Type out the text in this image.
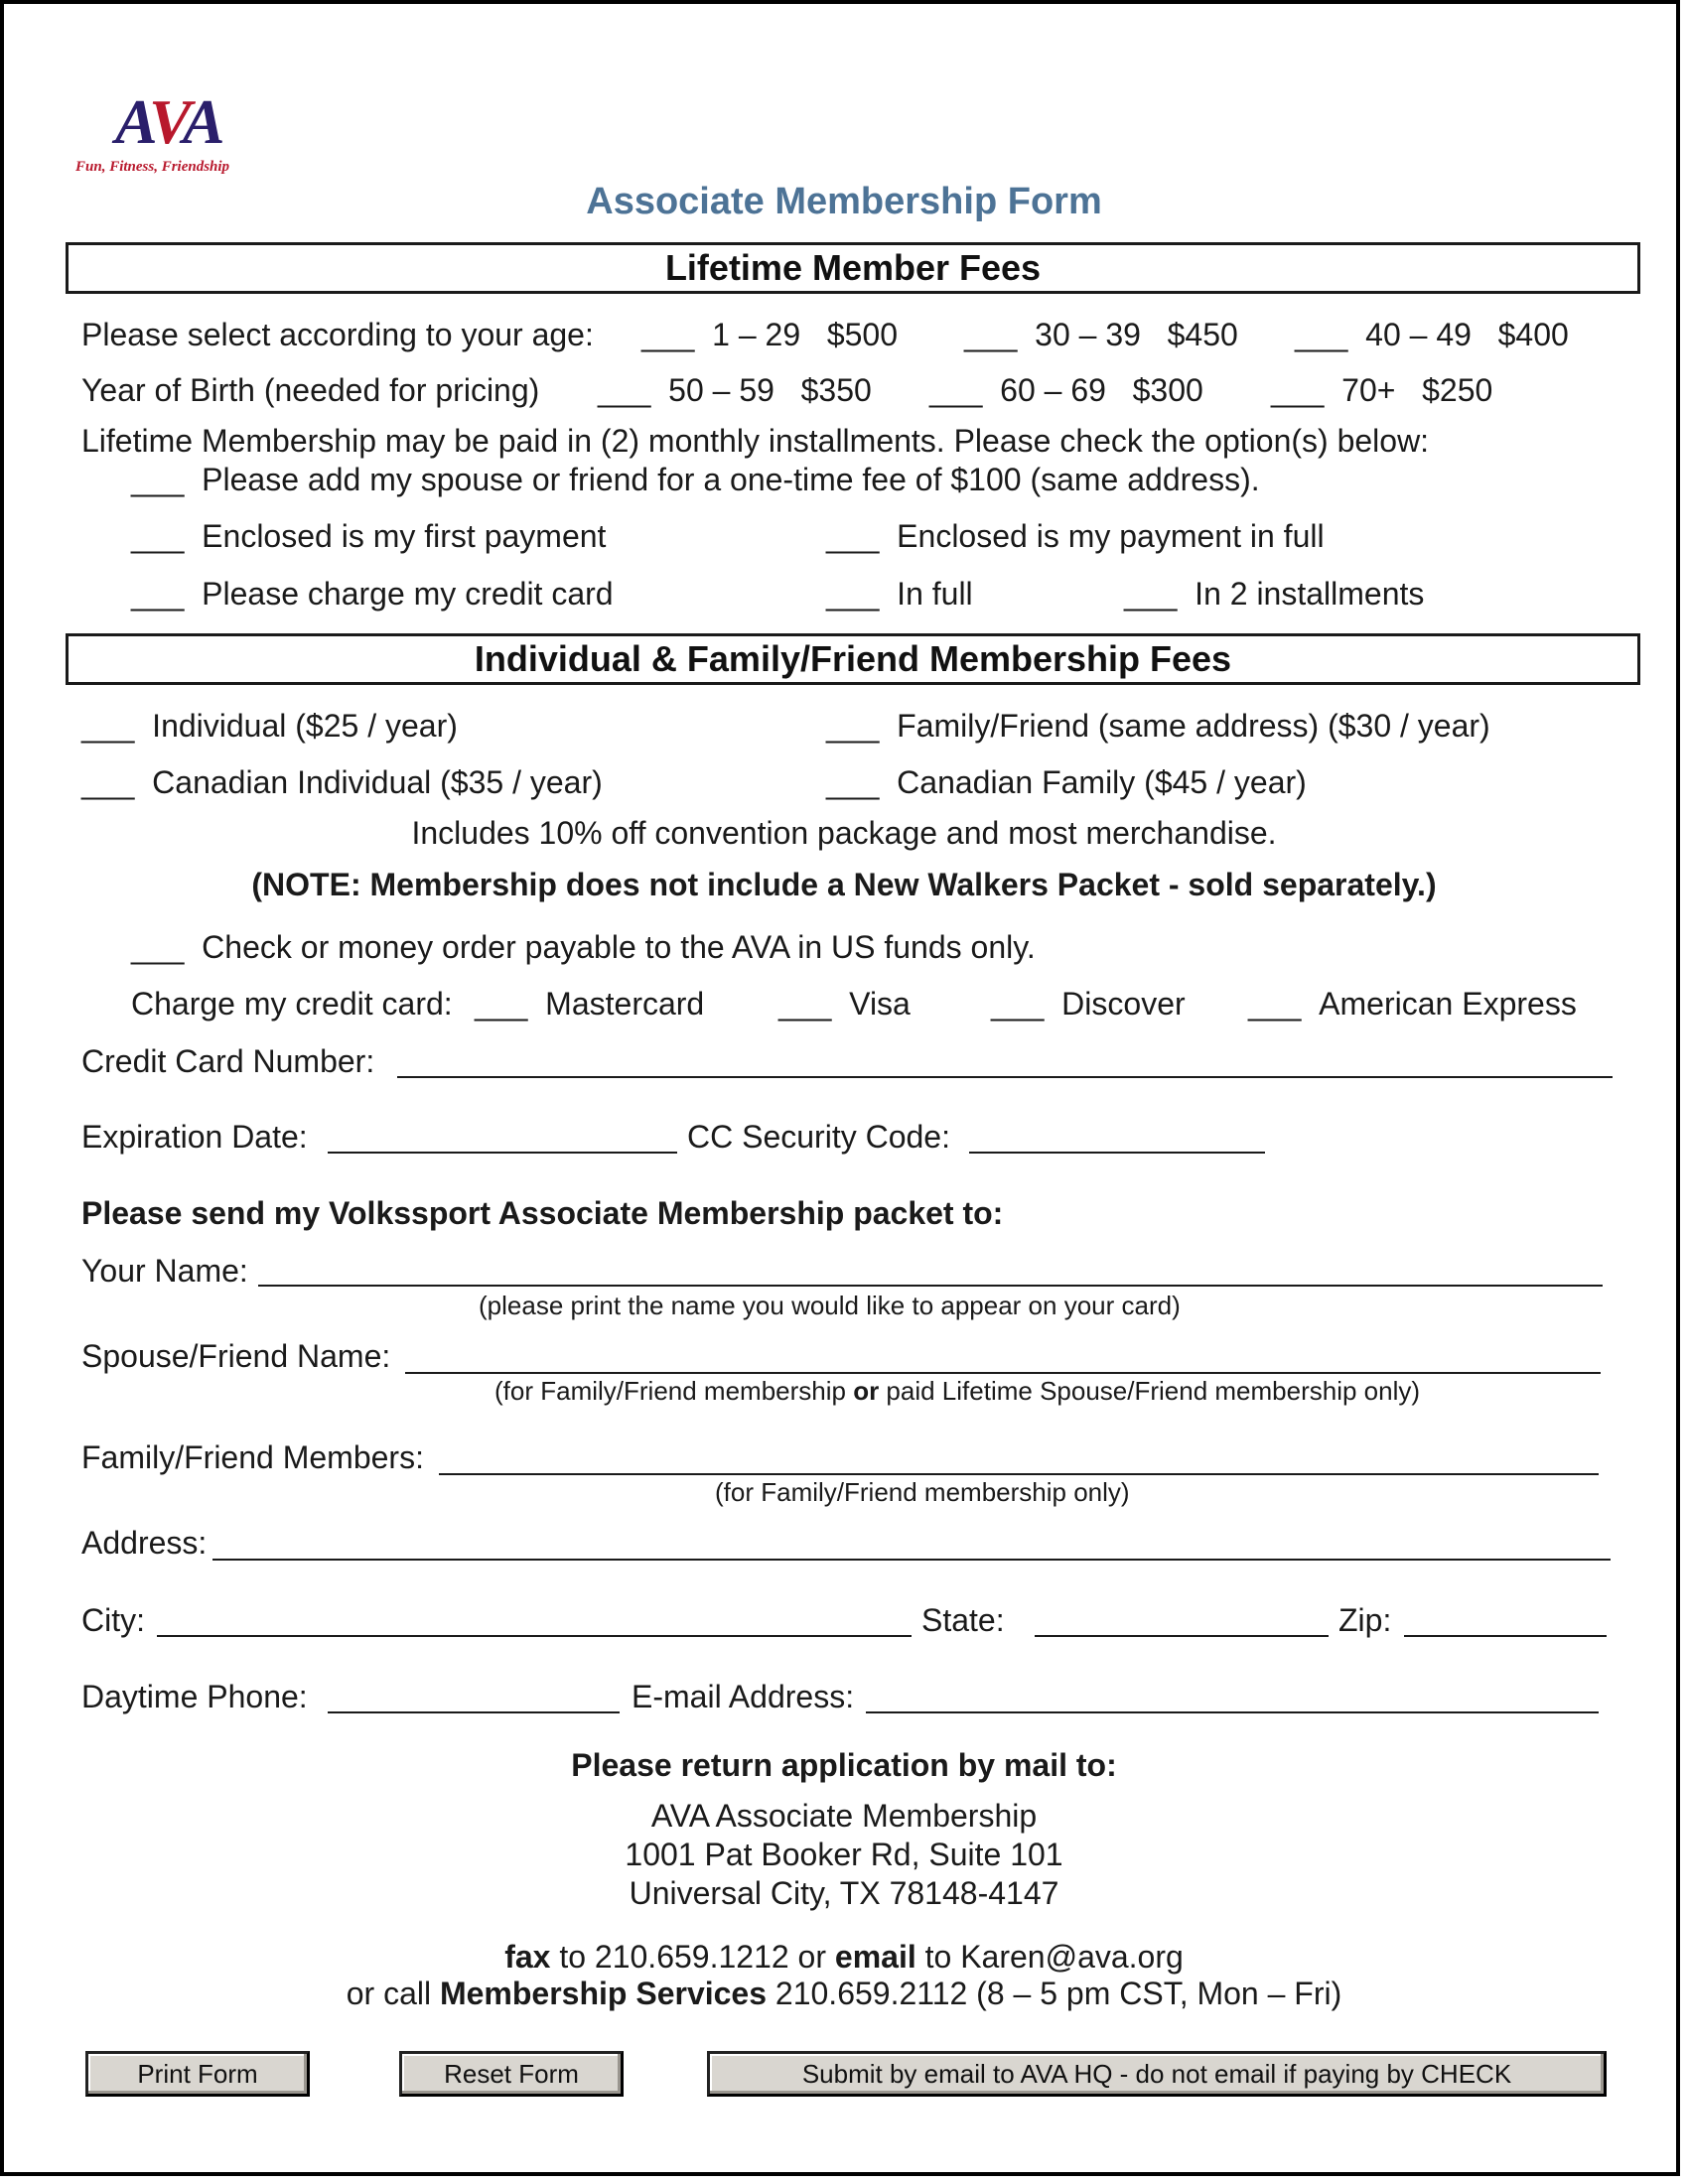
AVA
Fun, Fitness, Friendship
Associate Membership Form
Lifetime Member Fees
Please select according to your age: ___ 1 – 29 $500 ___ 30 – 39 $450 ___ 40 – 49 $400
Year of Birth (needed for pricing) ___ 50 – 59 $350 ___ 60 – 69 $300 ___ 70+ $250
Lifetime Membership may be paid in (2) monthly installments. Please check the option(s) below:
___ Please add my spouse or friend for a one-time fee of $100 (same address).
___ Enclosed is my first payment	___ Enclosed is my payment in full
___ Please charge my credit card	___ In full	___ In 2 installments
Individual & Family/Friend Membership Fees
___ Individual ($25 / year)	___ Family/Friend (same address) ($30 / year)
___ Canadian Individual ($35 / year)	___ Canadian Family ($45 / year)
Includes 10% off convention package and most merchandise.
(NOTE: Membership does not include a New Walkers Packet - sold separately.)
___ Check or money order payable to the AVA in US funds only.
Charge my credit card: ___ Mastercard ___ Visa	___ Discover ___ American Express
Credit Card Number:
Expiration Date:	CC Security Code:
Please send my Volkssport Associate Membership packet to:
Your Name:
(please print the name you would like to appear on your card)
Spouse/Friend Name:
(for Family/Friend membership or paid Lifetime Spouse/Friend membership only)
Family/Friend Members:
(for Family/Friend membership only)
Address:
City:	State:	Zip:
Daytime Phone:	E-mail Address:
Please return application by mail to:
AVA Associate Membership
1001 Pat Booker Rd, Suite 101
Universal City, TX 78148-4147
fax to 210.659.1212 or email to Karen@ava.org
or call Membership Services 210.659.2112 (8 – 5 pm CST, Mon – Fri)
Print Form	Reset Form	Submit by email to AVA HQ - do not email if paying by CHECK
